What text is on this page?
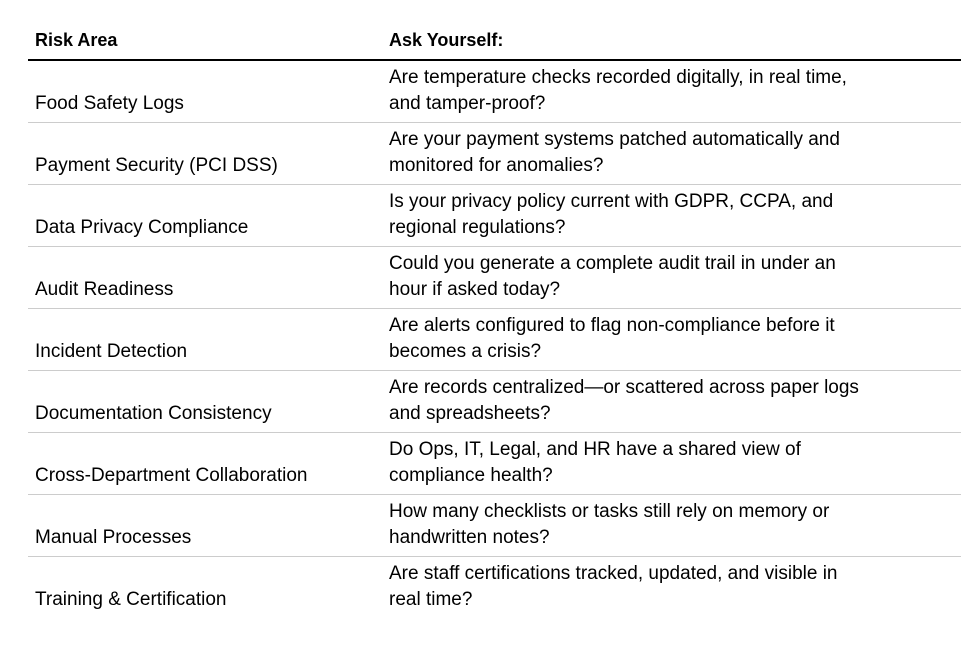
Risk Area	Ask Yourself:
Food Safety Logs
Are temperature checks recorded digitally, in real time,
and tamper-proof?
Payment Security (PCI DSS)
Are your payment systems patched automatically and
monitored for anomalies?
Data Privacy Compliance
Is your privacy policy current with GDPR, CCPA, and
regional regulations?
Audit Readiness
Could you generate a complete audit trail in under an
hour if asked today?
Incident Detection
Are alerts configured to flag non-compliance before it
becomes a crisis?
Documentation Consistency
Are records centralized—or scattered across paper logs
and spreadsheets?
Cross-Department Collaboration
Do Ops, IT, Legal, and HR have a shared view of
compliance health?
Manual Processes
How many checklists or tasks still rely on memory or
handwritten notes?
Training & Certification
Are staff certifications tracked, updated, and visible in
real time?
